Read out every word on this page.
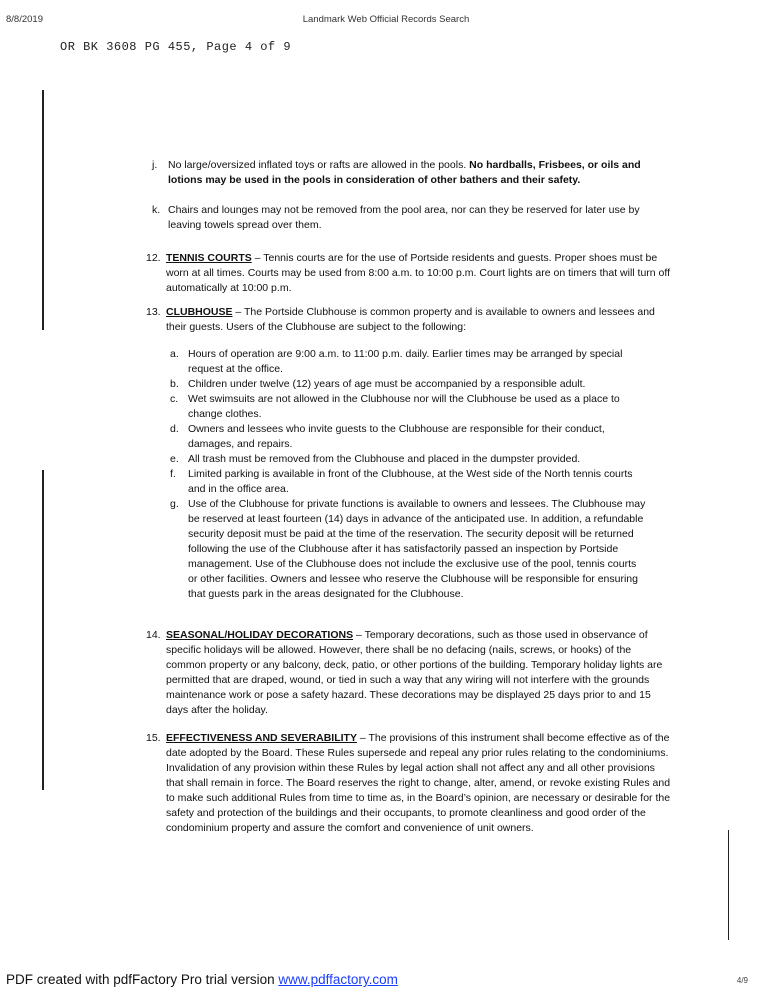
8/8/2019	Landmark Web Official Records Search
OR BK 3608 PG 455, Page 4 of 9
j. No large/oversized inflated toys or rafts are allowed in the pools. No hardballs, Frisbees, or oils and lotions may be used in the pools in consideration of other bathers and their safety.
k. Chairs and lounges may not be removed from the pool area, nor can they be reserved for later use by leaving towels spread over them.
12. TENNIS COURTS – Tennis courts are for the use of Portside residents and guests. Proper shoes must be worn at all times. Courts may be used from 8:00 a.m. to 10:00 p.m. Court lights are on timers that will turn off automatically at 10:00 p.m.
13. CLUBHOUSE – The Portside Clubhouse is common property and is available to owners and lessees and their guests. Users of the Clubhouse are subject to the following:
a. Hours of operation are 9:00 a.m. to 11:00 p.m. daily. Earlier times may be arranged by special request at the office.
b. Children under twelve (12) years of age must be accompanied by a responsible adult.
c. Wet swimsuits are not allowed in the Clubhouse nor will the Clubhouse be used as a place to change clothes.
d. Owners and lessees who invite guests to the Clubhouse are responsible for their conduct, damages, and repairs.
e. All trash must be removed from the Clubhouse and placed in the dumpster provided.
f. Limited parking is available in front of the Clubhouse, at the West side of the North tennis courts and in the office area.
g. Use of the Clubhouse for private functions is available to owners and lessees. The Clubhouse may be reserved at least fourteen (14) days in advance of the anticipated use. In addition, a refundable security deposit must be paid at the time of the reservation. The security deposit will be returned following the use of the Clubhouse after it has satisfactorily passed an inspection by Portside management. Use of the Clubhouse does not include the exclusive use of the pool, tennis courts or other facilities. Owners and lessee who reserve the Clubhouse will be responsible for ensuring that guests park in the areas designated for the Clubhouse.
14. SEASONAL/HOLIDAY DECORATIONS – Temporary decorations, such as those used in observance of specific holidays will be allowed. However, there shall be no defacing (nails, screws, or hooks) of the common property or any balcony, deck, patio, or other portions of the building. Temporary holiday lights are permitted that are draped, wound, or tied in such a way that any wiring will not interfere with the grounds maintenance work or pose a safety hazard. These decorations may be displayed 25 days prior to and 15 days after the holiday.
15. EFFECTIVENESS AND SEVERABILITY – The provisions of this instrument shall become effective as of the date adopted by the Board. These Rules supersede and repeal any prior rules relating to the condominiums. Invalidation of any provision within these Rules by legal action shall not affect any and all other provisions that shall remain in force. The Board reserves the right to change, alter, amend, or revoke existing Rules and to make such additional Rules from time to time as, in the Board’s opinion, are necessary or desirable for the safety and protection of the buildings and their occupants, to promote cleanliness and good order of the condominium property and assure the comfort and convenience of unit owners.
PDF created with pdfFactory Pro trial version www.pdffactory.com	4/9
